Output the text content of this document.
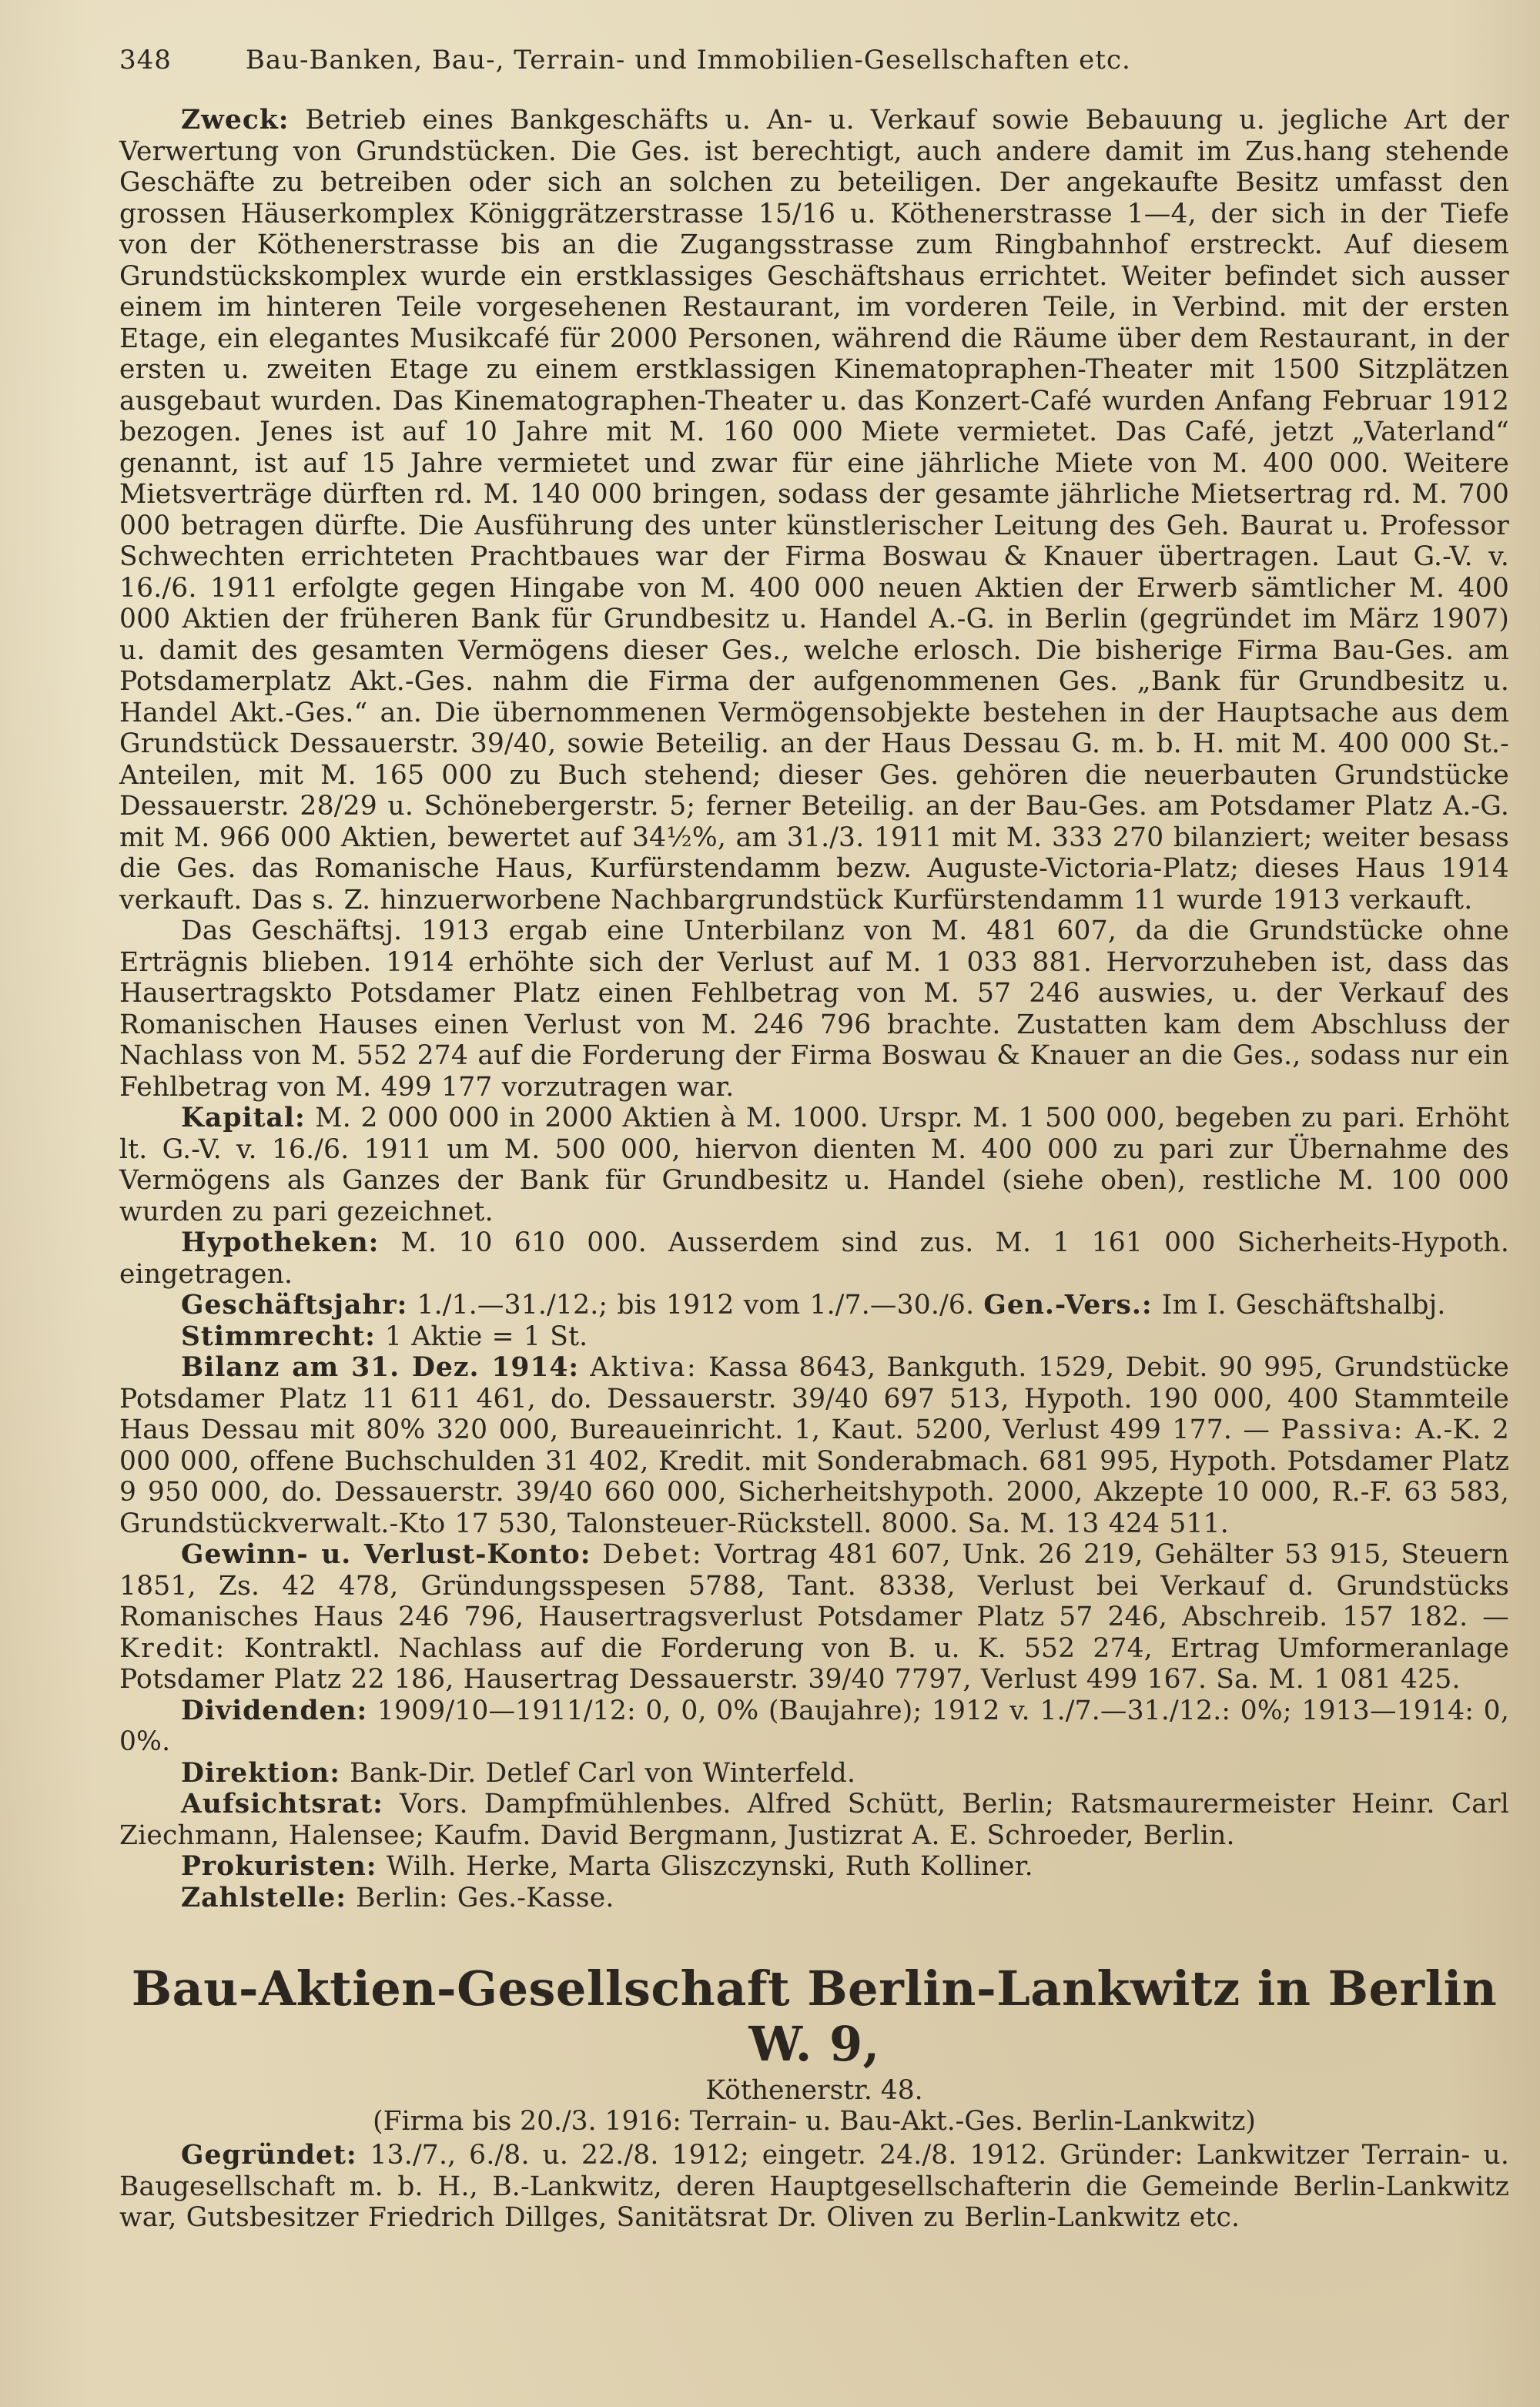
348	Bau-Banken, Bau-, Terrain- und Immobilien-Gesellschaften etc.

Zweck: Betrieb eines Bankgeschäfts u. An- u. Verkauf sowie Bebauung u. jegliche Art der Verwertung von Grundstücken. Die Ges. ist berechtigt, auch andere damit im Zus.hang stehende Geschäfte zu betreiben oder sich an solchen zu beteiligen. Der angekaufte Besitz umfasst den grossen Häuserkomplex Königgrätzerstrasse 15/16 u. Köthenerstrasse 1—4, der sich in der Tiefe von der Köthenerstrasse bis an die Zugangsstrasse zum Ringbahnhof erstreckt. Auf diesem Grundstückskomplex wurde ein erstklassiges Geschäftshaus errichtet. Weiter befindet sich ausser einem im hinteren Teile vorgesehenen Restaurant, im vorderen Teile, in Verbind. mit der ersten Etage, ein elegantes Musikcafé für 2000 Personen, während die Räume über dem Restaurant, in der ersten u. zweiten Etage zu einem erstklassigen Kinematopraphen-Theater mit 1500 Sitzplätzen ausgebaut wurden. Das Kinematographen-Theater u. das Konzert-Café wurden Anfang Februar 1912 bezogen. Jenes ist auf 10 Jahre mit M. 160 000 Miete vermietet. Das Café, jetzt „Vaterland“ genannt, ist auf 15 Jahre vermietet und zwar für eine jährliche Miete von M. 400 000. Weitere Mietsverträge dürften rd. M. 140 000 bringen, sodass der gesamte jährliche Mietsertrag rd. M. 700 000 betragen dürfte. Die Ausführung des unter künstlerischer Leitung des Geh. Baurat u. Professor Schwechten errichteten Prachtbaues war der Firma Boswau & Knauer übertragen. Laut G.-V. v. 16./6. 1911 erfolgte gegen Hingabe von M. 400 000 neuen Aktien der Erwerb sämtlicher M. 400 000 Aktien der früheren Bank für Grundbesitz u. Handel A.-G. in Berlin (gegründet im März 1907) u. damit des gesamten Vermögens dieser Ges., welche erlosch. Die bisherige Firma Bau-Ges. am Potsdamerplatz Akt.-Ges. nahm die Firma der aufgenommenen Ges. „Bank für Grundbesitz u. Handel Akt.-Ges.“ an. Die übernommenen Vermögensobjekte bestehen in der Hauptsache aus dem Grundstück Dessauerstr. 39/40, sowie Beteilig. an der Haus Dessau G. m. b. H. mit M. 400 000 St.-Anteilen, mit M. 165 000 zu Buch stehend; dieser Ges. gehören die neuerbauten Grundstücke Dessauerstr. 28/29 u. Schönebergerstr. 5; ferner Beteilig. an der Bau-Ges. am Potsdamer Platz A.-G. mit M. 966 000 Aktien, bewertet auf 34½%, am 31./3. 1911 mit M. 333 270 bilanziert; weiter besass die Ges. das Romanische Haus, Kurfürstendamm bezw. Auguste-Victoria-Platz; dieses Haus 1914 verkauft. Das s. Z. hinzuerworbene Nachbargrundstück Kurfürstendamm 11 wurde 1913 verkauft.

Das Geschäftsj. 1913 ergab eine Unterbilanz von M. 481 607, da die Grundstücke ohne Erträgnis blieben. 1914 erhöhte sich der Verlust auf M. 1 033 881. Hervorzuheben ist, dass das Hausertragskto Potsdamer Platz einen Fehlbetrag von M. 57 246 auswies, u. der Verkauf des Romanischen Hauses einen Verlust von M. 246 796 brachte. Zustatten kam dem Abschluss der Nachlass von M. 552 274 auf die Forderung der Firma Boswau & Knauer an die Ges., sodass nur ein Fehlbetrag von M. 499 177 vorzutragen war.

Kapital: M. 2 000 000 in 2000 Aktien à M. 1000. Urspr. M. 1 500 000, begeben zu pari. Erhöht lt. G.-V. v. 16./6. 1911 um M. 500 000, hiervon dienten M. 400 000 zu pari zur Übernahme des Vermögens als Ganzes der Bank für Grundbesitz u. Handel (siehe oben), restliche M. 100 000 wurden zu pari gezeichnet.

Hypotheken: M. 10 610 000. Ausserdem sind zus. M. 1 161 000 Sicherheits-Hypoth. eingetragen.

Geschäftsjahr: 1./1.—31./12.; bis 1912 vom 1./7.—30./6. Gen.-Vers.: Im I. Geschäftshalbj.

Stimmrecht: 1 Aktie = 1 St.

Bilanz am 31. Dez. 1914: Aktiva: Kassa 8643, Bankguth. 1529, Debit. 90 995, Grundstücke Potsdamer Platz 11 611 461, do. Dessauerstr. 39/40 697 513, Hypoth. 190 000, 400 Stammteile Haus Dessau mit 80% 320 000, Bureaueinricht. 1, Kaut. 5200, Verlust 499 177. — Passiva: A.-K. 2 000 000, offene Buchschulden 31 402, Kredit. mit Sonderabmach. 681 995, Hypoth. Potsdamer Platz 9 950 000, do. Dessauerstr. 39/40 660 000, Sicherheitshypoth. 2000, Akzepte 10 000, R.-F. 63 583, Grundstückverwalt.-Kto 17 530, Talonsteuer-Rückstell. 8000. Sa. M. 13 424 511.

Gewinn- u. Verlust-Konto: Debet: Vortrag 481 607, Unk. 26 219, Gehälter 53 915, Steuern 1851, Zs. 42 478, Gründungsspesen 5788, Tant. 8338, Verlust bei Verkauf d. Grundstücks Romanisches Haus 246 796, Hausertragsverlust Potsdamer Platz 57 246, Abschreib. 157 182. — Kredit: Kontraktl. Nachlass auf die Forderung von B. u. K. 552 274, Ertrag Umformeranlage Potsdamer Platz 22 186, Hausertrag Dessauerstr. 39/40 7797, Verlust 499 167. Sa. M. 1 081 425.

Dividenden: 1909/10—1911/12: 0, 0, 0% (Baujahre); 1912 v. 1./7.—31./12.: 0%; 1913—1914: 0, 0%.

Direktion: Bank-Dir. Detlef Carl von Winterfeld.

Aufsichtsrat: Vors. Dampfmühlenbes. Alfred Schütt, Berlin; Ratsmaurermeister Heinr. Carl Ziechmann, Halensee; Kaufm. David Bergmann, Justizrat A. E. Schroeder, Berlin.

Prokuristen: Wilh. Herke, Marta Gliszczynski, Ruth Kolliner.

Zahlstelle: Berlin: Ges.-Kasse.

Bau-Aktien-Gesellschaft Berlin-Lankwitz in Berlin W. 9,
Köthenerstr. 48.
(Firma bis 20./3. 1916: Terrain- u. Bau-Akt.-Ges. Berlin-Lankwitz)

Gegründet: 13./7., 6./8. u. 22./8. 1912; eingetr. 24./8. 1912. Gründer: Lankwitzer Terrain- u. Baugesellschaft m. b. H., B.-Lankwitz, deren Hauptgesellschafterin die Gemeinde Berlin-Lankwitz war, Gutsbesitzer Friedrich Dillges, Sanitätsrat Dr. Oliven zu Berlin-Lankwitz etc.
